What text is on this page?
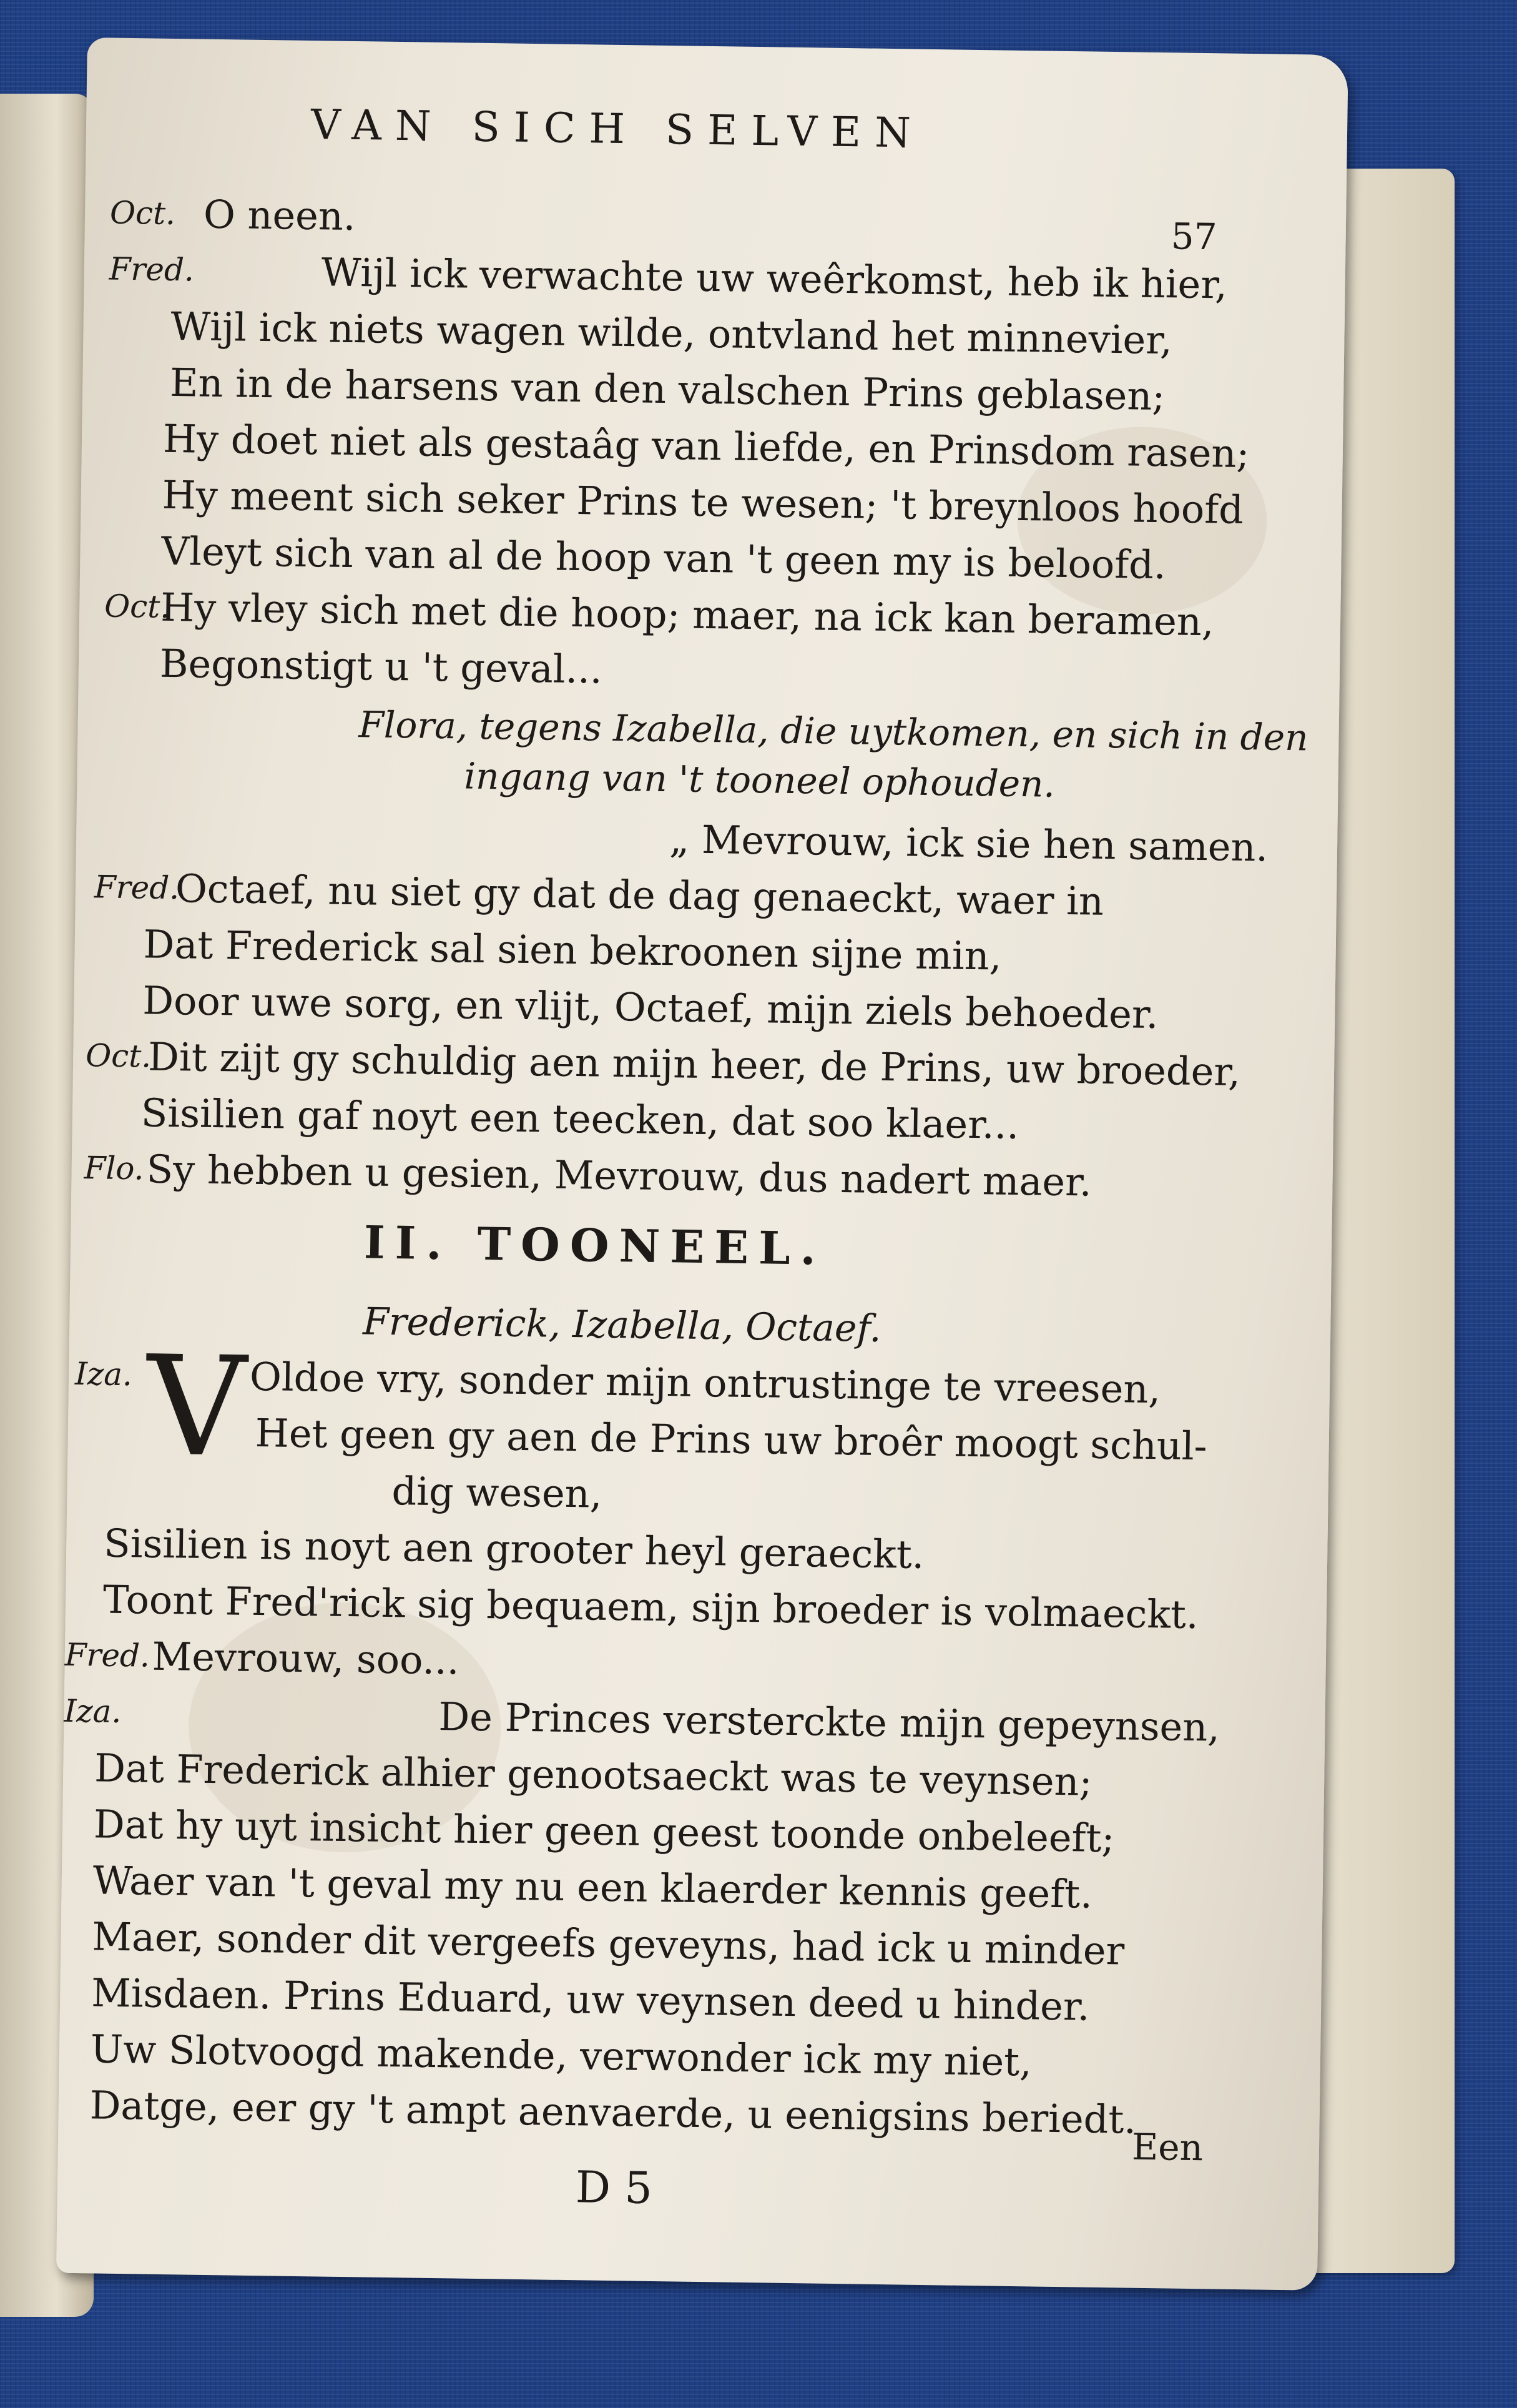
VAN SICH SELVEN
57
Oct. O neen.
Fred.	Wijl ick verwachte uw weêrkomst, heb ik hier,
Wijl ick niets wagen wilde, ontvland het minnevier,
En in de harsens van den valschen Prins geblasen;
Hy doet niet als gestaâg van liefde, en Prinsdom rasen;
Hy meent sich seker Prins te wesen; 't breynloos hoofd
Vleyt sich van al de hoop van 't geen my is beloofd.
Oct.
Hy vley sich met die hoop; maer, na ick kan beramen,
Begonstigt u 't geval...
Flora, tegens Izabella, die uytkomen, en sich in den
ingang van 't tooneel ophouden.
„ Mevrouw, ick sie hen samen.
Fred.
Octaef, nu siet gy dat de dag genaeckt, waer in
Dat Frederick sal sien bekroonen sijne min,
Door uwe sorg, en vlijt, Octaef, mijn ziels behoeder.
Oct.
Dit zijt gy schuldig aen mijn heer, de Prins, uw broeder,
Sisilien gaf noyt een teecken, dat soo klaer...
Flo. Sy hebben u gesien, Mevrouw, dus nadert maer.
II. TOONEEL.
Frederick, Izabella, Octaef.
V
Iza.	Oldoe vry, sonder mijn ontrustinge te vreesen,
Het geen gy aen de Prins uw broêr moogt schul-
dig wesen,
Sisilien is noyt aen grooter heyl geraeckt.
Toont Fred'rick sig bequaem, sijn broeder is volmaeckt.
Fred. Mevrouw, soo...
Iza.	De Princes versterckte mijn gepeynsen,
Dat Frederick alhier genootsaeckt was te veynsen;
Dat hy uyt insicht hier geen geest toonde onbeleeft;
Waer van 't geval my nu een klaerder kennis geeft.
Maer, sonder dit vergeefs geveyns, had ick u minder
Misdaen. Prins Eduard, uw veynsen deed u hinder.
Uw Slotvoogd makende, verwonder ick my niet,
Datge, eer gy 't ampt aenvaerde, u eenigsins beriedt.
D 5
Een
